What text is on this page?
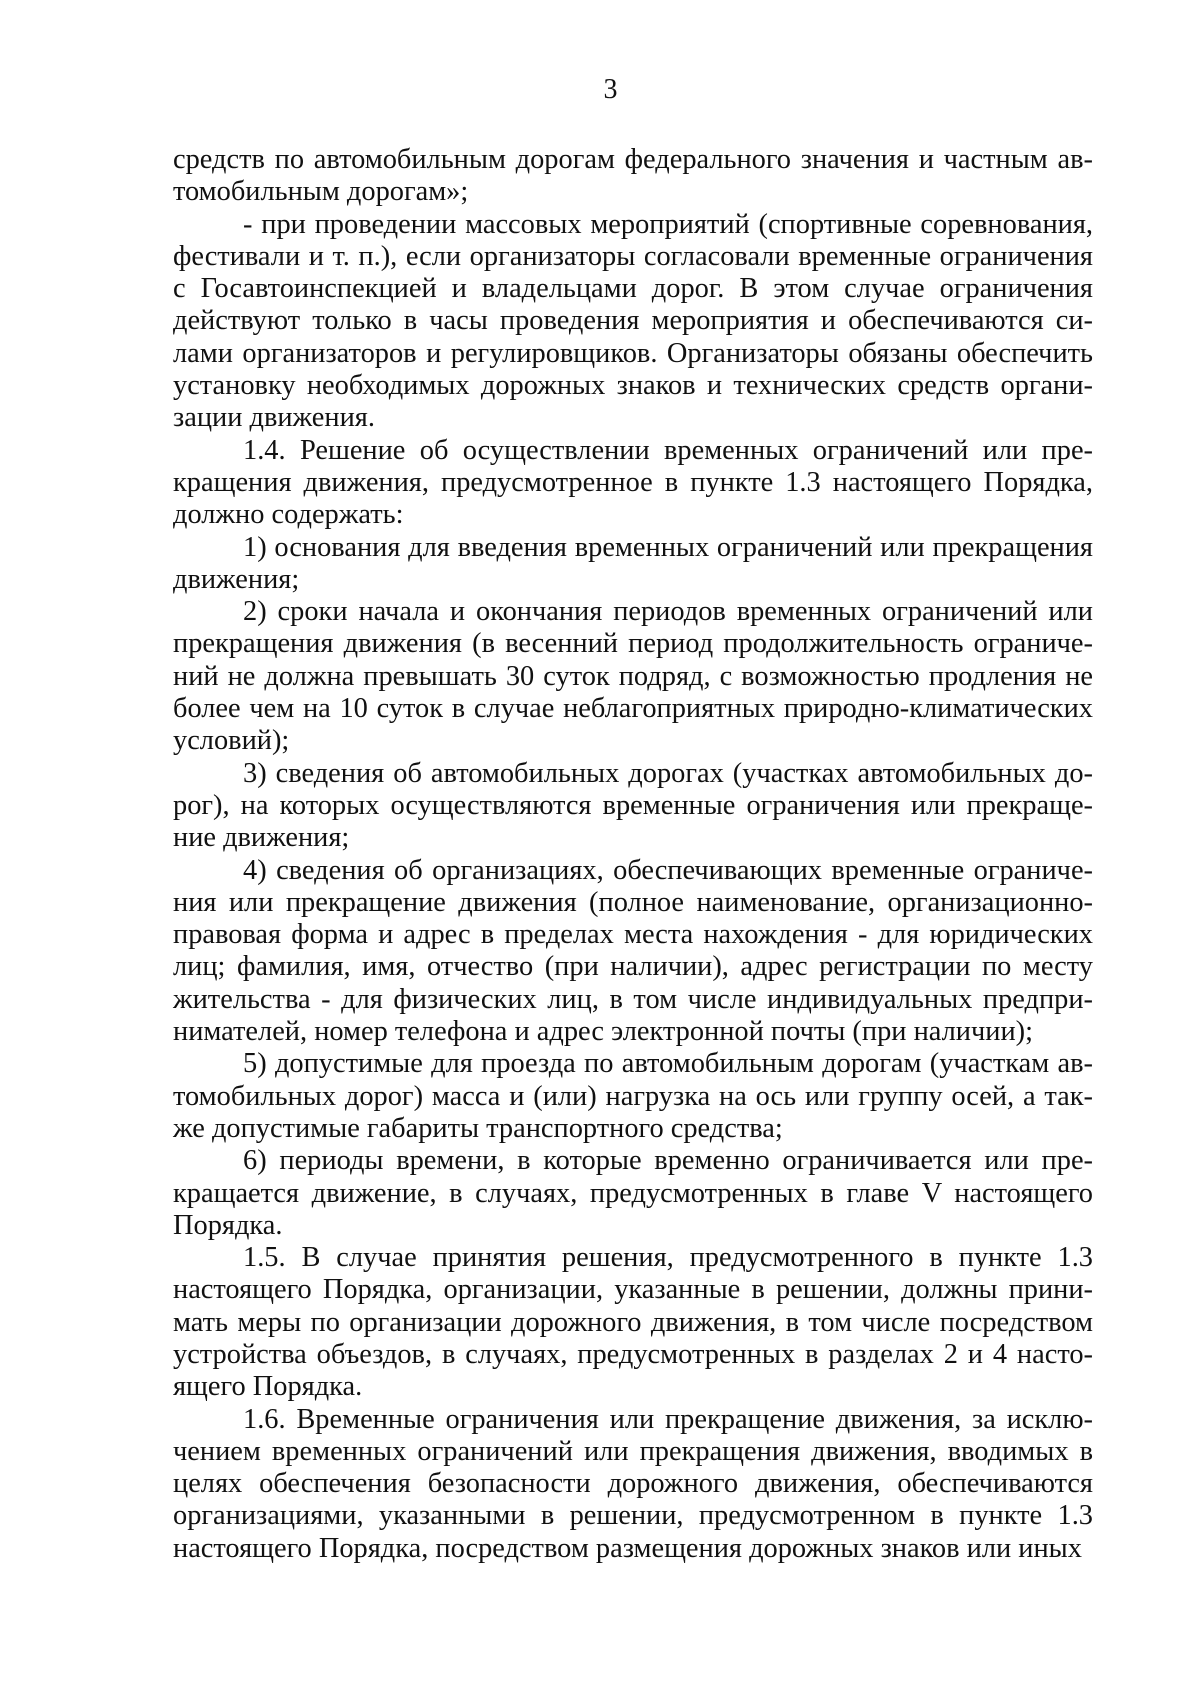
3
средств по автомобильным дорогам федерального значения и частным ав-
томобильным дорогам»;
- при проведении массовых мероприятий (спортивные соревнования,
фестивали и т. п.), если организаторы согласовали временные ограничения
с Госавтоинспекцией и владельцами дорог. В этом случае ограничения
действуют только в часы проведения мероприятия и обеспечиваются си-
лами организаторов и регулировщиков. Организаторы обязаны обеспечить
установку необходимых дорожных знаков и технических средств органи-
зации движения.
1.4. Решение об осуществлении временных ограничений или пре-
кращения движения, предусмотренное в пункте 1.3 настоящего Порядка,
должно содержать:
1) основания для введения временных ограничений или прекращения
движения;
2) сроки начала и окончания периодов временных ограничений или
прекращения движения (в весенний период продолжительность ограниче-
ний не должна превышать 30 суток подряд, с возможностью продления не
более чем на 10 суток в случае неблагоприятных природно-климатических
условий);
3) сведения об автомобильных дорогах (участках автомобильных до-
рог), на которых осуществляются временные ограничения или прекраще-
ние движения;
4) сведения об организациях, обеспечивающих временные ограниче-
ния или прекращение движения (полное наименование, организационно-
правовая форма и адрес в пределах места нахождения - для юридических
лиц; фамилия, имя, отчество (при наличии), адрес регистрации по месту
жительства - для физических лиц, в том числе индивидуальных предпри-
нимателей, номер телефона и адрес электронной почты (при наличии);
5) допустимые для проезда по автомобильным дорогам (участкам ав-
томобильных дорог) масса и (или) нагрузка на ось или группу осей, а так-
же допустимые габариты транспортного средства;
6) периоды времени, в которые временно ограничивается или пре-
кращается движение, в случаях, предусмотренных в главе V настоящего
Порядка.
1.5. В случае принятия решения, предусмотренного в пункте 1.3
настоящего Порядка, организации, указанные в решении, должны прини-
мать меры по организации дорожного движения, в том числе посредством
устройства объездов, в случаях, предусмотренных в разделах 2 и 4 насто-
ящего Порядка.
1.6. Временные ограничения или прекращение движения, за исклю-
чением временных ограничений или прекращения движения, вводимых в
целях обеспечения безопасности дорожного движения, обеспечиваются
организациями, указанными в решении, предусмотренном в пункте 1.3
настоящего Порядка, посредством размещения дорожных знаков или иных
